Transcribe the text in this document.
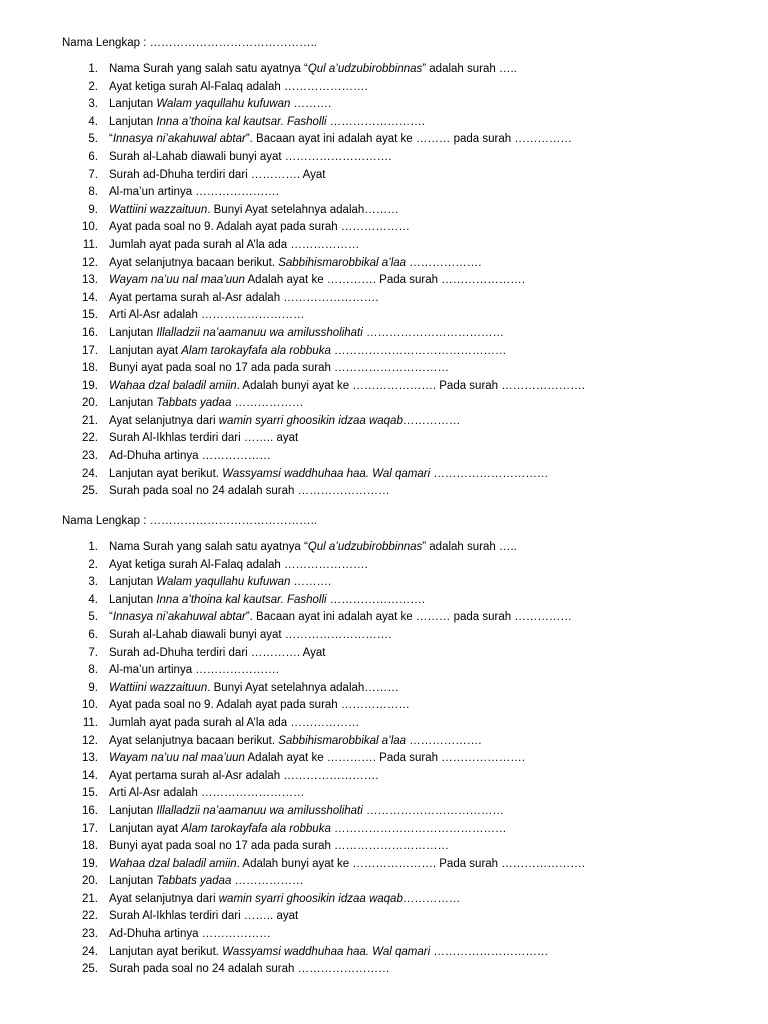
Nama Lengkap : ……………………………………..
1. Nama Surah yang salah satu ayatnya “Qul a’udzubirobbinnas” adalah surah …..
2. Ayat ketiga surah Al-Falaq adalah ………………….
3. Lanjutan Walam yaqullahu kufuwan ……….
4. Lanjutan Inna a’thoina kal kautsar. Fasholli …………………….
5. “Innasya ni’akahuwal abtar”. Bacaan ayat ini adalah ayat ke ……… pada surah ……………
6. Surah al-Lahab diawali bunyi ayat ……………………….
7. Surah ad-Dhuha terdiri dari …………. Ayat
8. Al-ma’un artinya ………………….
9. Wattiini wazzaituun. Bunyi Ayat setelahnya adalah………
10. Ayat pada soal no 9. Adalah ayat pada surah ………………
11. Jumlah ayat pada surah al A’la ada ………………
12. Ayat selanjutnya bacaan berikut. Sabbihismarobbikal a’laa ……………….
13. Wayam na’uu nal maa’uun Adalah ayat ke …………. Pada surah ………………….
14. Ayat pertama surah al-Asr adalah …………………….
15. Arti Al-Asr adalah ………………………
16. Lanjutan Illalladzii na’aamanuu wa amilussholihati ………………………………
17. Lanjutan ayat Alam tarokayfafa ala robbuka ………………………………………
18. Bunyi ayat pada soal no 17 ada pada surah …………………………
19. Wahaa dzal baladil amiin. Adalah bunyi ayat ke …………………. Pada surah ………………….
20. Lanjutan Tabbats yadaa ………………
21. Ayat selanjutnya dari wamin syarri ghoosikin idzaa waqab……………
22. Surah Al-Ikhlas terdiri dari …….. ayat
23. Ad-Dhuha artinya ………………
24. Lanjutan ayat berikut. Wassyamsi waddhuhaa haa. Wal qamari …………………………
25. Surah pada soal no 24 adalah surah ……………………
Nama Lengkap : ……………………………………..
1. Nama Surah yang salah satu ayatnya “Qul a’udzubirobbinnas” adalah surah …..
2. Ayat ketiga surah Al-Falaq adalah ………………….
3. Lanjutan Walam yaqullahu kufuwan ……….
4. Lanjutan Inna a’thoina kal kautsar. Fasholli …………………….
5. “Innasya ni’akahuwal abtar”. Bacaan ayat ini adalah ayat ke ……… pada surah ……………
6. Surah al-Lahab diawali bunyi ayat ……………………….
7. Surah ad-Dhuha terdiri dari …………. Ayat
8. Al-ma’un artinya ………………….
9. Wattiini wazzaituun. Bunyi Ayat setelahnya adalah………
10. Ayat pada soal no 9. Adalah ayat pada surah ………………
11. Jumlah ayat pada surah al A’la ada ………………
12. Ayat selanjutnya bacaan berikut. Sabbihismarobbikal a’laa ……………….
13. Wayam na’uu nal maa’uun Adalah ayat ke …………. Pada surah ………………….
14. Ayat pertama surah al-Asr adalah …………………….
15. Arti Al-Asr adalah ………………………
16. Lanjutan Illalladzii na’aamanuu wa amilussholihati ………………………………
17. Lanjutan ayat Alam tarokayfafa ala robbuka ………………………………………
18. Bunyi ayat pada soal no 17 ada pada surah …………………………
19. Wahaa dzal baladil amiin. Adalah bunyi ayat ke …………………. Pada surah ………………….
20. Lanjutan Tabbats yadaa ………………
21. Ayat selanjutnya dari wamin syarri ghoosikin idzaa waqab……………
22. Surah Al-Ikhlas terdiri dari …….. ayat
23. Ad-Dhuha artinya ………………
24. Lanjutan ayat berikut. Wassyamsi waddhuhaa haa. Wal qamari …………………………
25. Surah pada soal no 24 adalah surah ……………………
